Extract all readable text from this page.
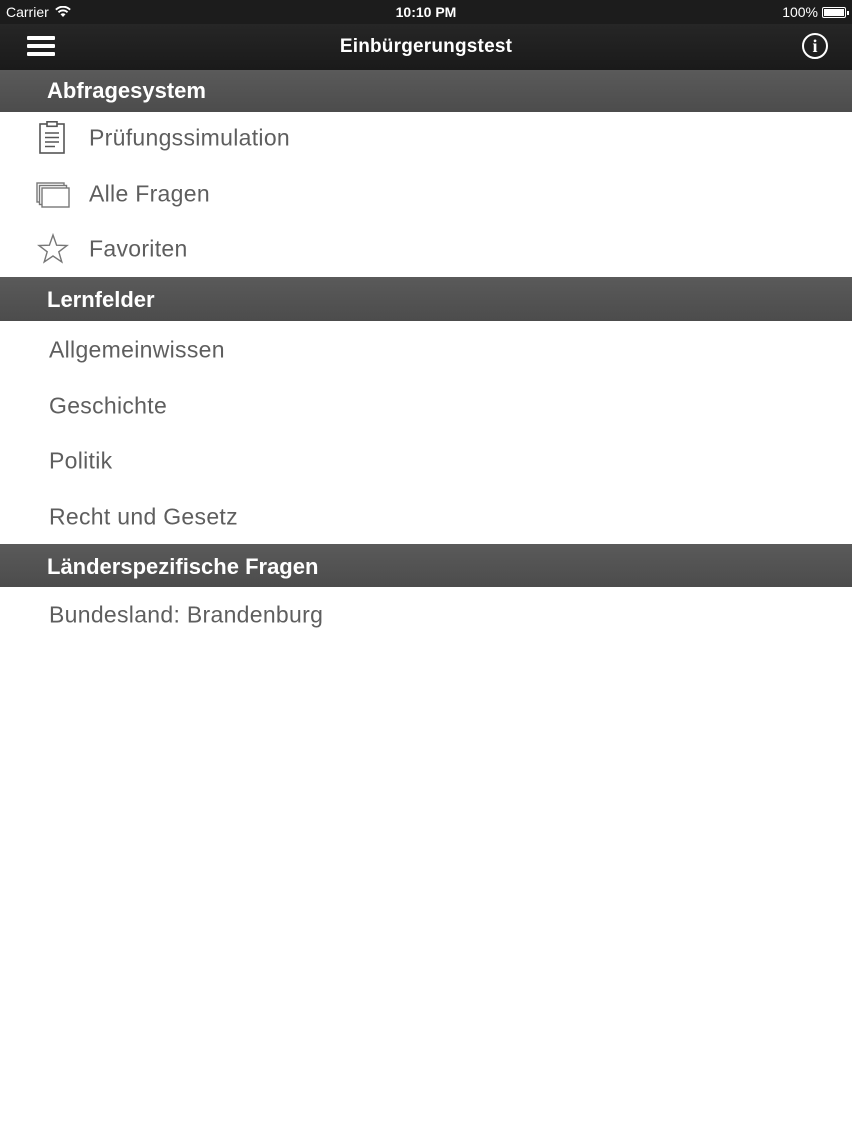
Carrier	10:10 PM	100%
Einbürgerungstest	i
Abfragesystem
Prüfungssimulation
Alle Fragen
Favoriten
Lernfelder
Allgemeinwissen
Geschichte
Politik
Recht und Gesetz
Länderspezifische Fragen
Bundesland: Brandenburg
